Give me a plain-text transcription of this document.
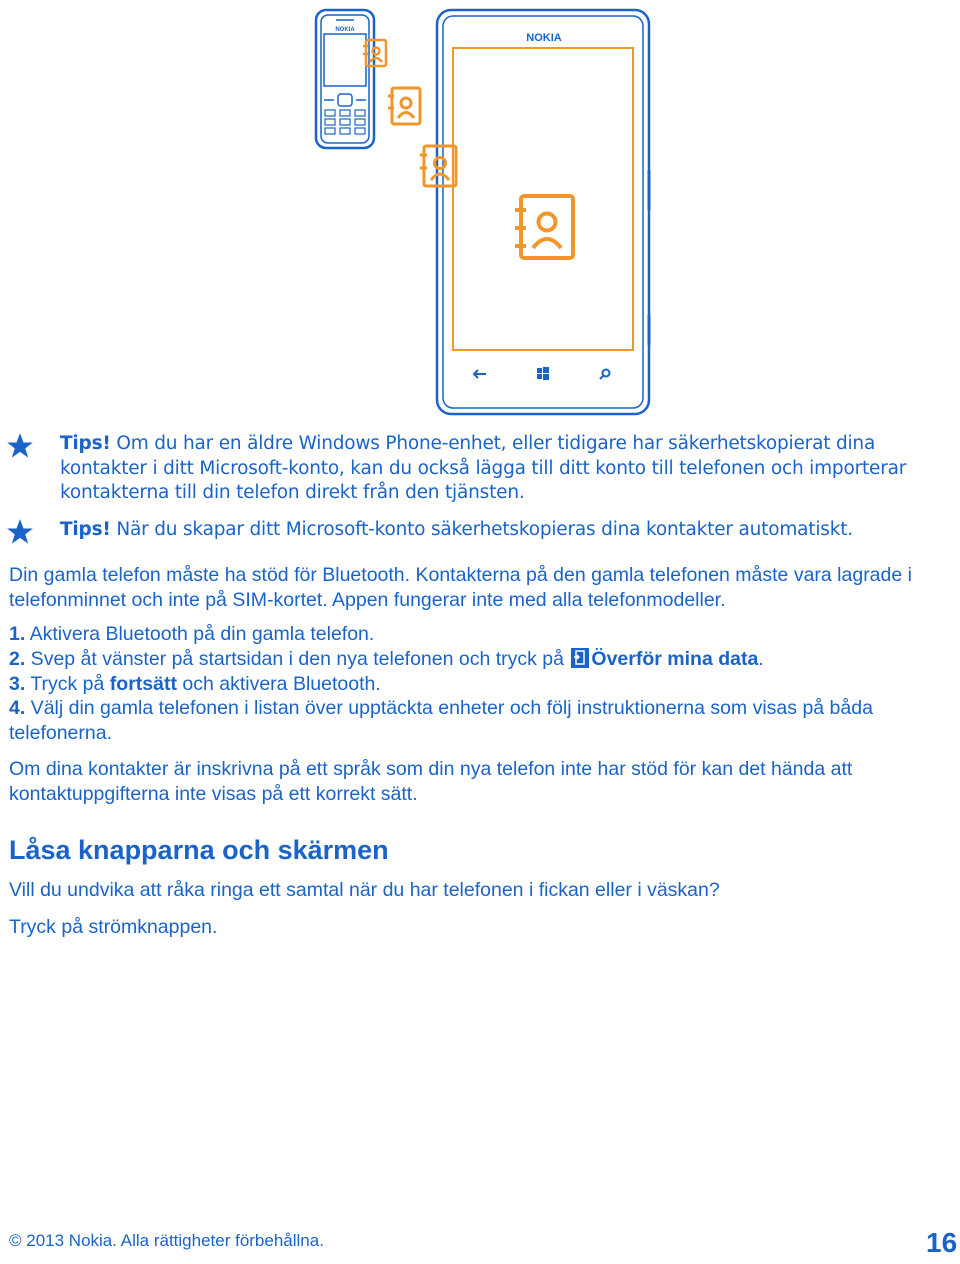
NOKIA
NOKIA
Tips! Om du har en äldre Windows Phone-enhet, eller tidigare har säkerhetskopierat dina kontakter i ditt Microsoft-konto, kan du också lägga till ditt konto till telefonen och importerar kontakterna till din telefon direkt från den tjänsten.
Tips! När du skapar ditt Microsoft-konto säkerhetskopieras dina kontakter automatiskt.
Din gamla telefon måste ha stöd för Bluetooth. Kontakterna på den gamla telefonen måste vara lagrade i telefonminnet och inte på SIM-kortet. Appen fungerar inte med alla telefonmodeller.
1. Aktivera Bluetooth på din gamla telefon.
2. Svep åt vänster på startsidan i den nya telefonen och tryck på Överför mina data.
3. Tryck på fortsätt och aktivera Bluetooth.
4. Välj din gamla telefonen i listan över upptäckta enheter och följ instruktionerna som visas på båda telefonerna.
Om dina kontakter är inskrivna på ett språk som din nya telefon inte har stöd för kan det hända att kontaktuppgifterna inte visas på ett korrekt sätt.
Låsa knapparna och skärmen
Vill du undvika att råka ringa ett samtal när du har telefonen i fickan eller i väskan?
Tryck på strömknappen.
© 2013 Nokia. Alla rättigheter förbehållna.	16
